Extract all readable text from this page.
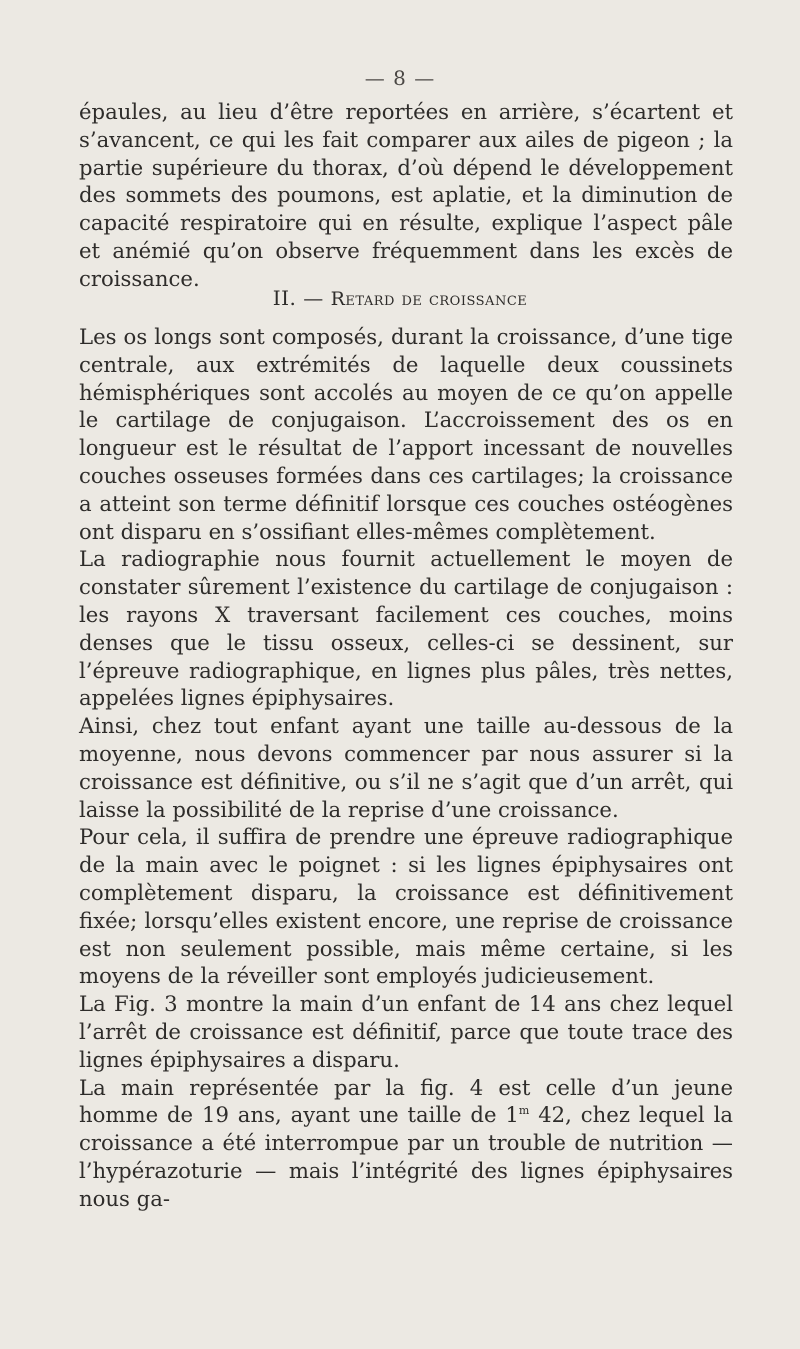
— 8 —

épaules, au lieu d’être reportées en arrière, s’écartent et s’avancent, ce qui les fait comparer aux ailes de pigeon ; la partie supérieure du thorax, d’où dépend le développement des sommets des poumons, est aplatie, et la diminution de capacité respiratoire qui en résulte, explique l’aspect pâle et anémié qu’on observe fréquemment dans les excès de croissance.

II. — Retard de croissance

Les os longs sont composés, durant la croissance, d’une tige centrale, aux extrémités de laquelle deux coussinets hémisphériques sont accolés au moyen de ce qu’on appelle le cartilage de conjugaison. L’accroissement des os en longueur est le résultat de l’apport incessant de nouvelles couches osseuses formées dans ces cartilages; la croissance a atteint son terme définitif lorsque ces couches ostéogènes ont disparu en s’ossifiant elles-mêmes complètement.

La radiographie nous fournit actuellement le moyen de constater sûrement l’existence du cartilage de conjugaison : les rayons X traversant facilement ces couches, moins denses que le tissu osseux, celles-ci se dessinent, sur l’épreuve radiographique, en lignes plus pâles, très nettes, appelées lignes épiphysaires.

Ainsi, chez tout enfant ayant une taille au-dessous de la moyenne, nous devons commencer par nous assurer si la croissance est définitive, ou s’il ne s’agit que d’un arrêt, qui laisse la possibilité de la reprise d’une croissance.

Pour cela, il suffira de prendre une épreuve radiographique de la main avec le poignet : si les lignes épiphysaires ont complètement disparu, la croissance est définitivement fixée; lorsqu’elles existent encore, une reprise de croissance est non seulement possible, mais même certaine, si les moyens de la réveiller sont employés judicieusement.

La Fig. 3 montre la main d’un enfant de 14 ans chez lequel l’arrêt de croissance est définitif, parce que toute trace des lignes épiphysaires a disparu.

La main représentée par la fig. 4 est celle d’un jeune homme de 19 ans, ayant une taille de 1$^m$ 42, chez lequel la croissance a été interrompue par un trouble de nutrition — l’hypérazoturie — mais l’intégrité des lignes épiphysaires nous ga-
